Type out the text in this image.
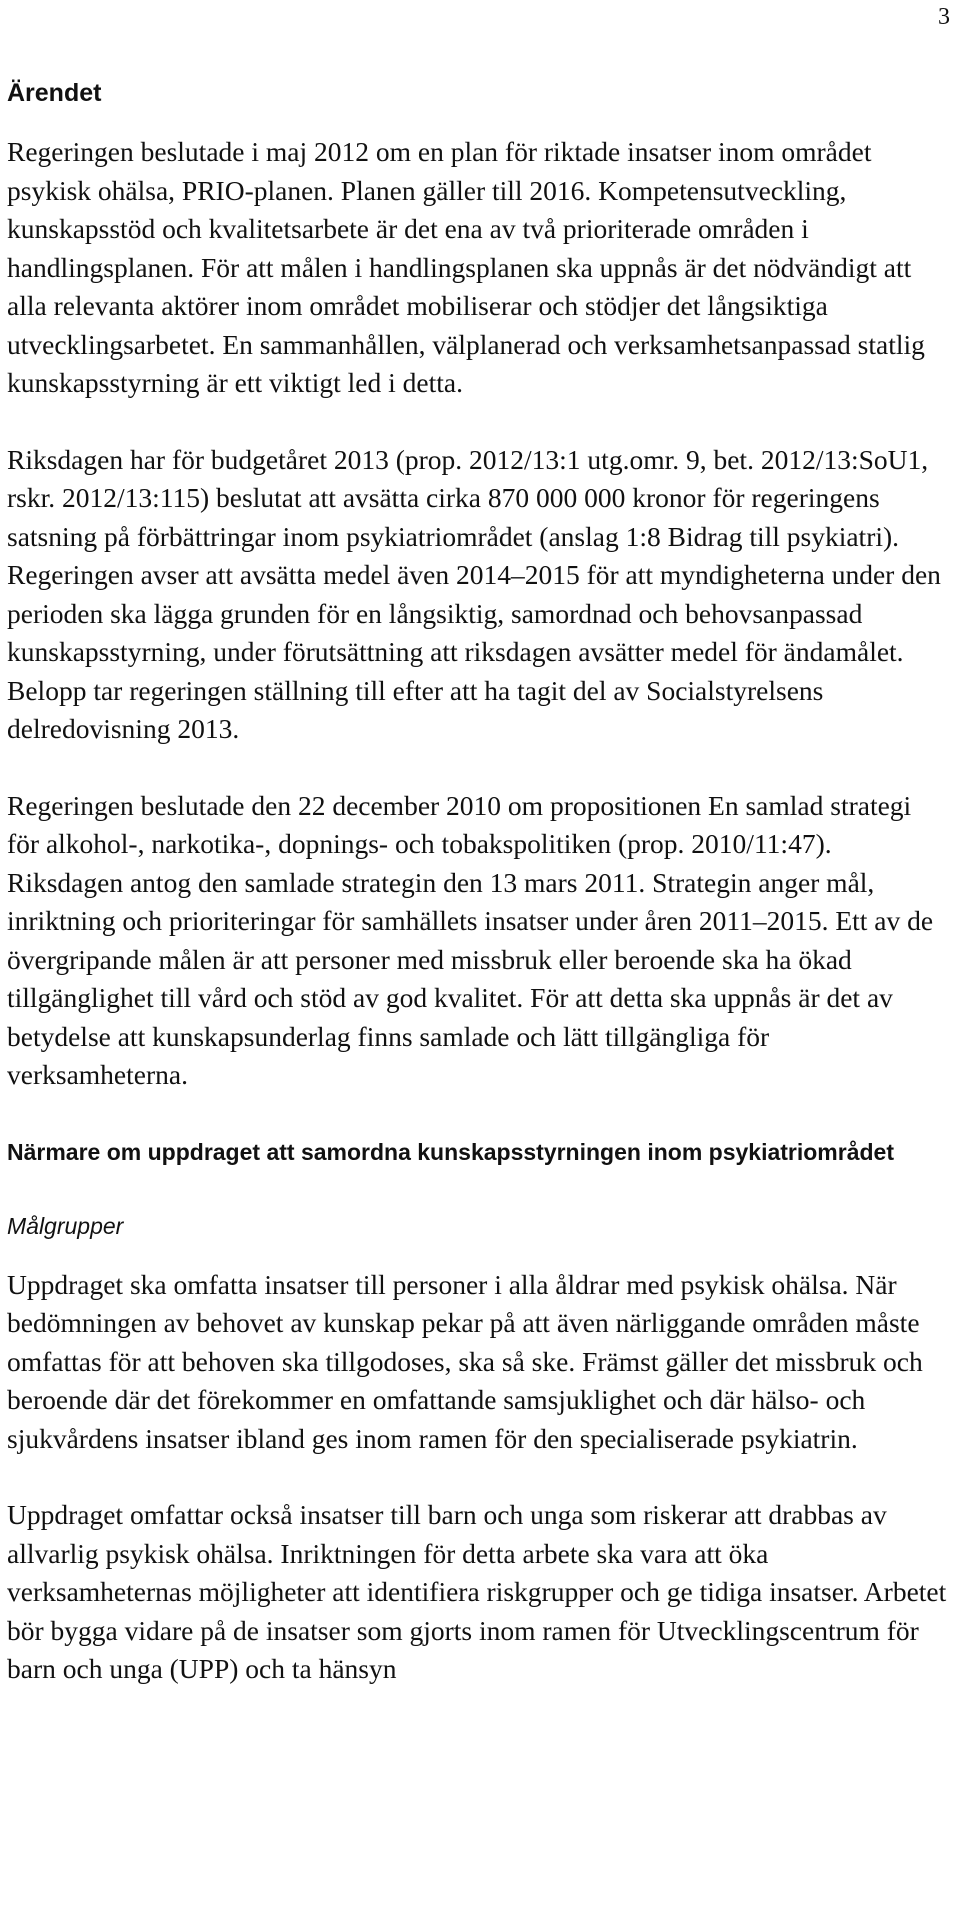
3
Ärendet

Regeringen beslutade i maj 2012 om en plan för riktade insatser inom området psykisk ohälsa, PRIO-planen. Planen gäller till 2016. Kompetensutveckling, kunskapsstöd och kvalitetsarbete är det ena av två prioriterade områden i handlingsplanen. För att målen i handlingsplanen ska uppnås är det nödvändigt att alla relevanta aktörer inom området mobiliserar och stödjer det långsiktiga utvecklingsarbetet. En sammanhållen, välplanerad och verksamhetsanpassad statlig kunskapsstyrning är ett viktigt led i detta.

Riksdagen har för budgetåret 2013 (prop. 2012/13:1 utg.omr. 9, bet. 2012/13:SoU1, rskr. 2012/13:115) beslutat att avsätta cirka 870 000 000 kronor för regeringens satsning på förbättringar inom psykiatriområdet (anslag 1:8 Bidrag till psykiatri). Regeringen avser att avsätta medel även 2014–2015 för att myndigheterna under den perioden ska lägga grunden för en långsiktig, samordnad och behovsanpassad kunskapsstyrning, under förutsättning att riksdagen avsätter medel för ändamålet. Belopp tar regeringen ställning till efter att ha tagit del av Socialstyrelsens delredovisning 2013.

Regeringen beslutade den 22 december 2010 om propositionen En samlad strategi för alkohol-, narkotika-, dopnings- och tobakspolitiken (prop. 2010/11:47). Riksdagen antog den samlade strategin den 13 mars 2011. Strategin anger mål, inriktning och prioriteringar för samhällets insatser under åren 2011–2015. Ett av de övergripande målen är att personer med missbruk eller beroende ska ha ökad tillgänglighet till vård och stöd av god kvalitet. För att detta ska uppnås är det av betydelse att kunskapsunderlag finns samlade och lätt tillgängliga för verksamheterna.

Närmare om uppdraget att samordna kunskapsstyrningen inom psykiatriområdet
Målgrupper

Uppdraget ska omfatta insatser till personer i alla åldrar med psykisk ohälsa. När bedömningen av behovet av kunskap pekar på att även närliggande områden måste omfattas för att behoven ska tillgodoses, ska så ske. Främst gäller det missbruk och beroende där det förekommer en omfattande samsjuklighet och där hälso- och sjukvårdens insatser ibland ges inom ramen för den specialiserade psykiatrin.

Uppdraget omfattar också insatser till barn och unga som riskerar att drabbas av allvarlig psykisk ohälsa. Inriktningen för detta arbete ska vara att öka verksamheternas möjligheter att identifiera riskgrupper och ge tidiga insatser. Arbetet bör bygga vidare på de insatser som gjorts inom ramen för Utvecklingscentrum för barn och unga (UPP) och ta hänsyn
